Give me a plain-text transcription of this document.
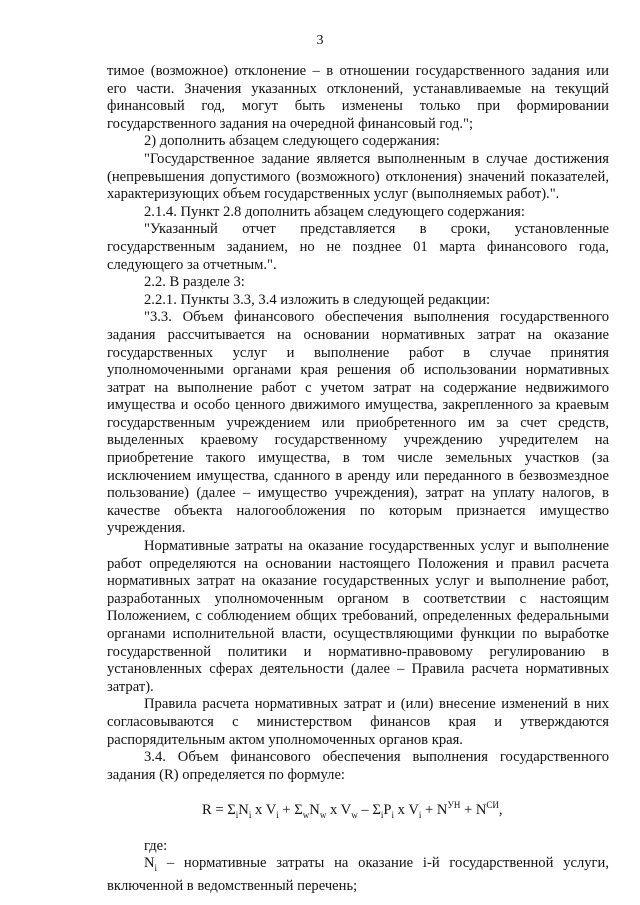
3

тимое (возможное) отклонение – в отношении государственного задания или его части. Значения указанных отклонений, устанавливаемые на текущий финансовый год, могут быть изменены только при формировании государственного задания на очередной финансовый год.";

2) дополнить абзацем следующего содержания:

"Государственное задание является выполненным в случае достижения (непревышения допустимого (возможного) отклонения) значений показателей, характеризующих объем государственных услуг (выполняемых работ).".

2.1.4. Пункт 2.8 дополнить абзацем следующего содержания:

"Указанный отчет представляется в сроки, установленные государственным заданием, но не позднее 01 марта финансового года, следующего за отчетным.".

2.2. В разделе 3:

2.2.1. Пункты 3.3, 3.4 изложить в следующей редакции:

"3.3. Объем финансового обеспечения выполнения государственного задания рассчитывается на основании нормативных затрат на оказание государственных услуг и выполнение работ в случае принятия уполномоченными органами края решения об использовании нормативных затрат на выполнение работ с учетом затрат на содержание недвижимого имущества и особо ценного движимого имущества, закрепленного за краевым государственным учреждением или приобретенного им за счет средств, выделенных краевому государственному учреждению учредителем на приобретение такого имущества, в том числе земельных участков (за исключением имущества, сданного в аренду или переданного в безвозмездное пользование) (далее – имущество учреждения), затрат на уплату налогов, в качестве объекта налогообложения по которым признается имущество учреждения.

Нормативные затраты на оказание государственных услуг и выполнение работ определяются на основании настоящего Положения и правил расчета нормативных затрат на оказание государственных услуг и выполнение работ, разработанных уполномоченным органом в соответствии с настоящим Положением, с соблюдением общих требований, определенных федеральными органами исполнительной власти, осуществляющими функции по выработке государственной политики и нормативно-правовому регулированию в установленных сферах деятельности (далее – Правила расчета нормативных затрат).

Правила расчета нормативных затрат и (или) внесение изменений в них согласовываются с министерством финансов края и утверждаются распорядительным актом уполномоченных органов края.

3.4. Объем финансового обеспечения выполнения государственного задания (R) определяется по формуле:

$R = \Sigma_iN_i$ x $V_i + \Sigma_wN_w$ x $V_w - \Sigma_iP_i$ x $V_i + N^{УН} + N^{СИ}$,

где:

$N_i$ – нормативные затраты на оказание i-й государственной услуги, включенной в ведомственный перечень;
